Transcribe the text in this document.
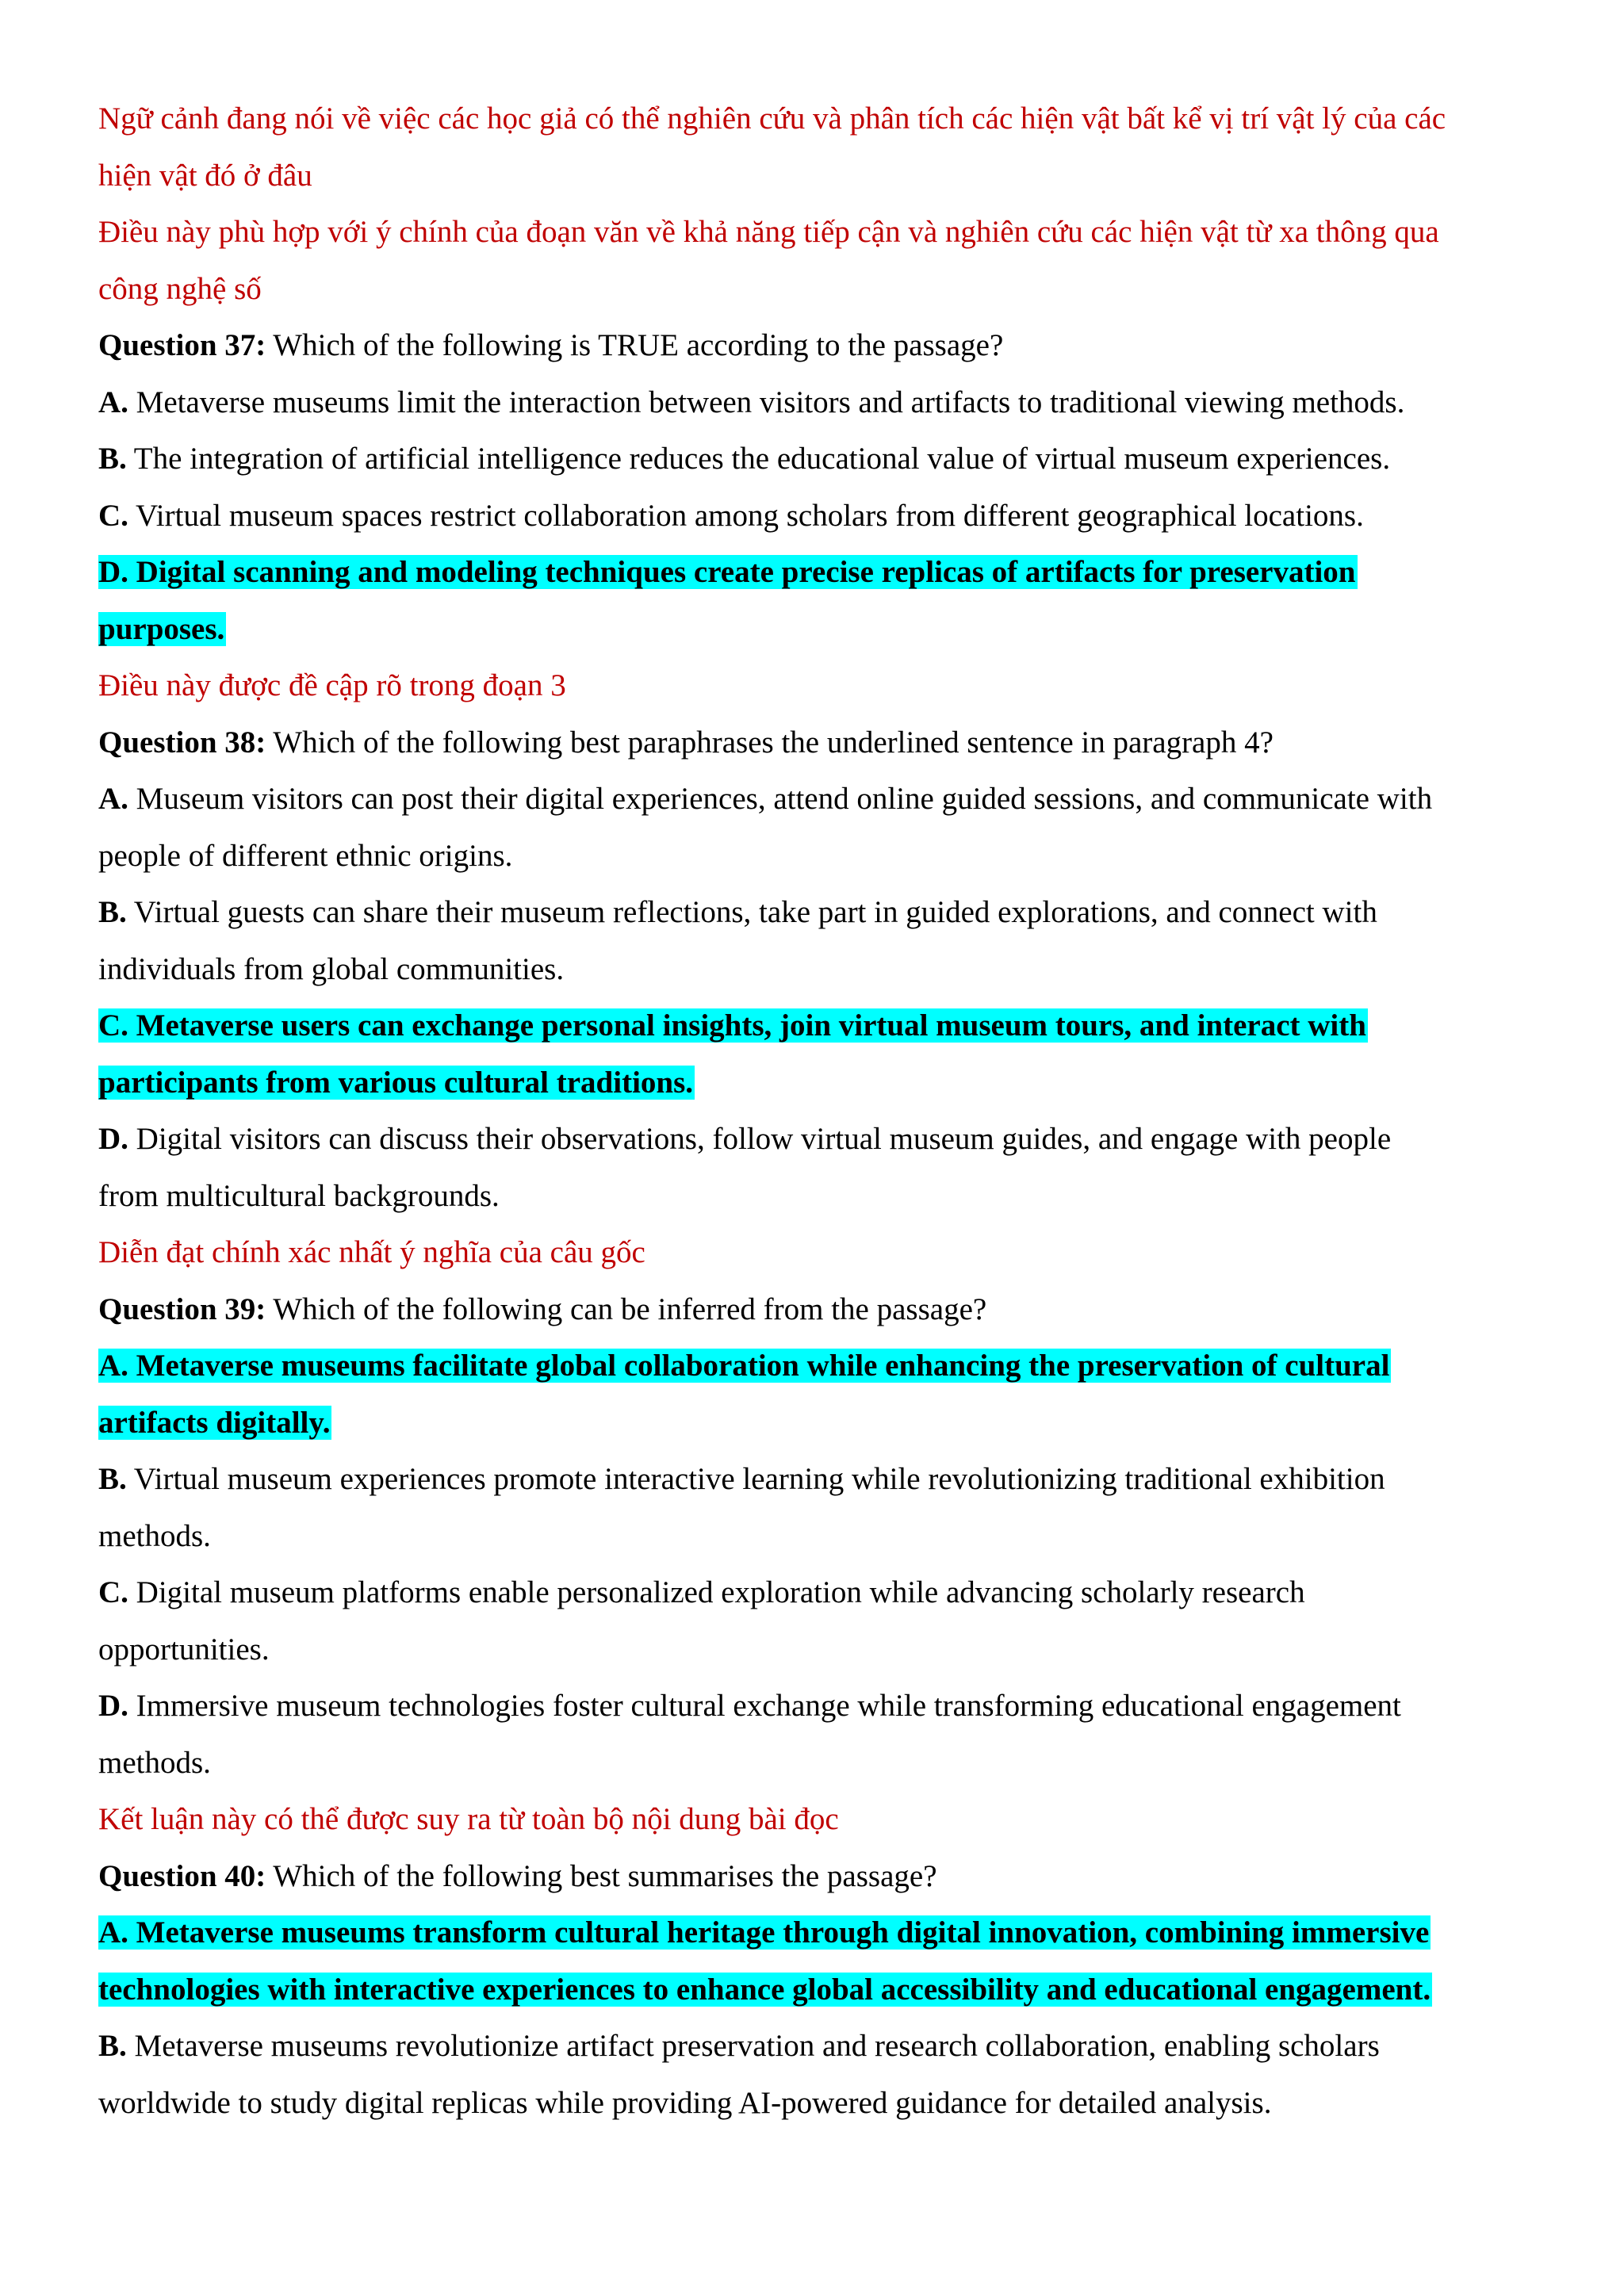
Ngữ cảnh đang nói về việc các học giả có thể nghiên cứu và phân tích các hiện vật bất kể vị trí vật lý của các
hiện vật đó ở đâu
Điều này phù hợp với ý chính của đoạn văn về khả năng tiếp cận và nghiên cứu các hiện vật từ xa thông qua
công nghệ số
Question 37: Which of the following is TRUE according to the passage?
A. Metaverse museums limit the interaction between visitors and artifacts to traditional viewing methods.
B. The integration of artificial intelligence reduces the educational value of virtual museum experiences.
C. Virtual museum spaces restrict collaboration among scholars from different geographical locations.
D. Digital scanning and modeling techniques create precise replicas of artifacts for preservation
purposes.
Điều này được đề cập rõ trong đoạn 3
Question 38: Which of the following best paraphrases the underlined sentence in paragraph 4?
A. Museum visitors can post their digital experiences, attend online guided sessions, and communicate with
people of different ethnic origins.
B. Virtual guests can share their museum reflections, take part in guided explorations, and connect with
individuals from global communities.
C. Metaverse users can exchange personal insights, join virtual museum tours, and interact with
participants from various cultural traditions.
D. Digital visitors can discuss their observations, follow virtual museum guides, and engage with people
from multicultural backgrounds.
Diễn đạt chính xác nhất ý nghĩa của câu gốc
Question 39: Which of the following can be inferred from the passage?
A. Metaverse museums facilitate global collaboration while enhancing the preservation of cultural
artifacts digitally.
B. Virtual museum experiences promote interactive learning while revolutionizing traditional exhibition
methods.
C. Digital museum platforms enable personalized exploration while advancing scholarly research
opportunities.
D. Immersive museum technologies foster cultural exchange while transforming educational engagement
methods.
Kết luận này có thể được suy ra từ toàn bộ nội dung bài đọc
Question 40: Which of the following best summarises the passage?
A. Metaverse museums transform cultural heritage through digital innovation, combining immersive
technologies with interactive experiences to enhance global accessibility and educational engagement.
B. Metaverse museums revolutionize artifact preservation and research collaboration, enabling scholars
worldwide to study digital replicas while providing AI-powered guidance for detailed analysis.
